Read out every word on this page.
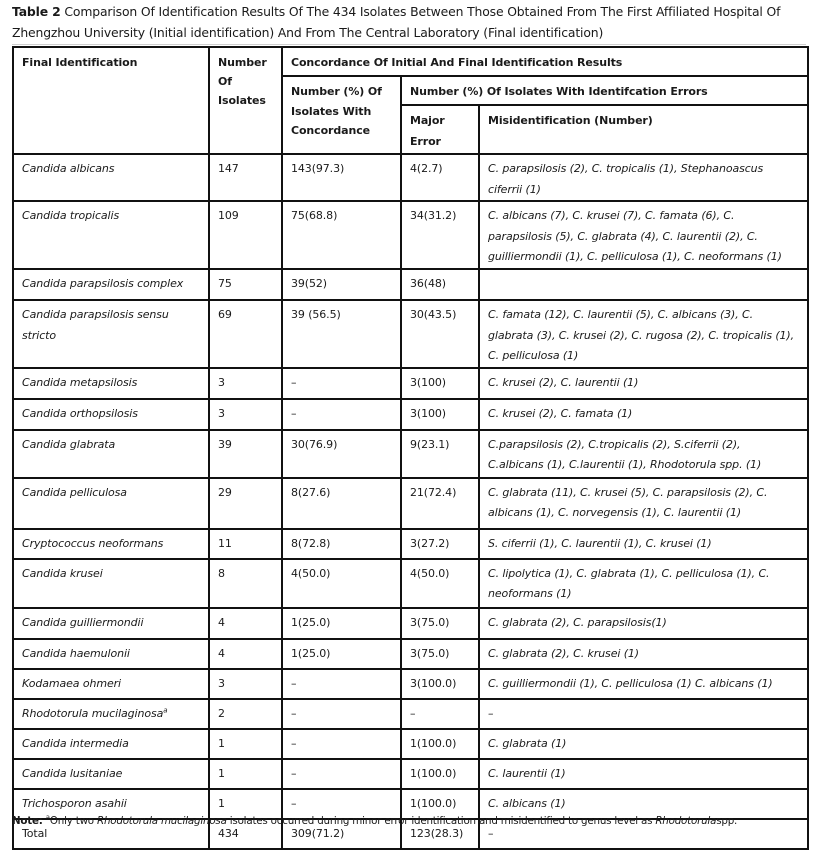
Table 2 Comparison Of Identification Results Of The 434 Isolates Between Those Obtained From The First Affiliated Hospital Of Zhengzhou University (Initial identification) And From The Central Laboratory (Final identification)
Final Identification	Number Of Isolates	Concordance Of Initial And Final Identification Results		
		Number (%) Of Isolates With Concordance	Number (%) Of Isolates With Identifcation Errors	
			Major Error	Misidentification (Number)
Candida albicans	147	143(97.3)	4(2.7)	C. parapsilosis (2), C. tropicalis (1), Stephanoascus ciferrii (1)
Candida tropicalis	109	75(68.8)	34(31.2)	C. albicans (7), C. krusei (7), C. famata (6), C. parapsilosis (5), C. glabrata (4), C. laurentii (2), C. guilliermondii (1), C. pelliculosa (1), C. neoformans (1)
Candida parapsilosis complex	75	39(52)	36(48)	
Candida parapsilosis sensu stricto	69	39 (56.5)	30(43.5)	C. famata (12), C. laurentii (5), C. albicans (3), C. glabrata (3), C. krusei (2), C. rugosa (2), C. tropicalis (1), C. pelliculosa (1)
Candida metapsilosis	3	–	3(100)	C. krusei (2), C. laurentii (1)
Candida orthopsilosis	3	–	3(100)	C. krusei (2), C. famata (1)
Candida glabrata	39	30(76.9)	9(23.1)	C.parapsilosis (2), C.tropicalis (2), S.ciferrii (2), C.albicans (1), C.laurentii (1), Rhodotorula spp. (1)
Candida pelliculosa	29	8(27.6)	21(72.4)	C. glabrata (11), C. krusei (5), C. parapsilosis (2), C. albicans (1), C. norvegensis (1), C. laurentii (1)
Cryptococcus neoformans	11	8(72.8)	3(27.2)	S. ciferrii (1), C. laurentii (1), C. krusei (1)
Candida krusei	8	4(50.0)	4(50.0)	C. lipolytica (1), C. glabrata (1), C. pelliculosa (1), C. neoformans (1)
Candida guilliermondii	4	1(25.0)	3(75.0)	C. glabrata (2), C. parapsilosis(1)
Candida haemulonii	4	1(25.0)	3(75.0)	C. glabrata (2), C. krusei (1)
Kodamaea ohmeri	3	–	3(100.0)	C. guilliermondii (1), C. pelliculosa (1) C. albicans (1)
Rhodotorula mucilaginosa$^a$	2	–	–	–
Candida intermedia	1	–	1(100.0)	C. glabrata (1)
Candida lusitaniae	1	–	1(100.0)	C. laurentii (1)
Trichosporon asahii	1	–	1(100.0)	C. albicans (1)
Total	434	309(71.2)	123(28.3)	–
Note: $^a$Only two Rhodotorula mucilaginosa isolates occurred during minor error identification and misidentified to genus level as Rhodotorulaspp.
